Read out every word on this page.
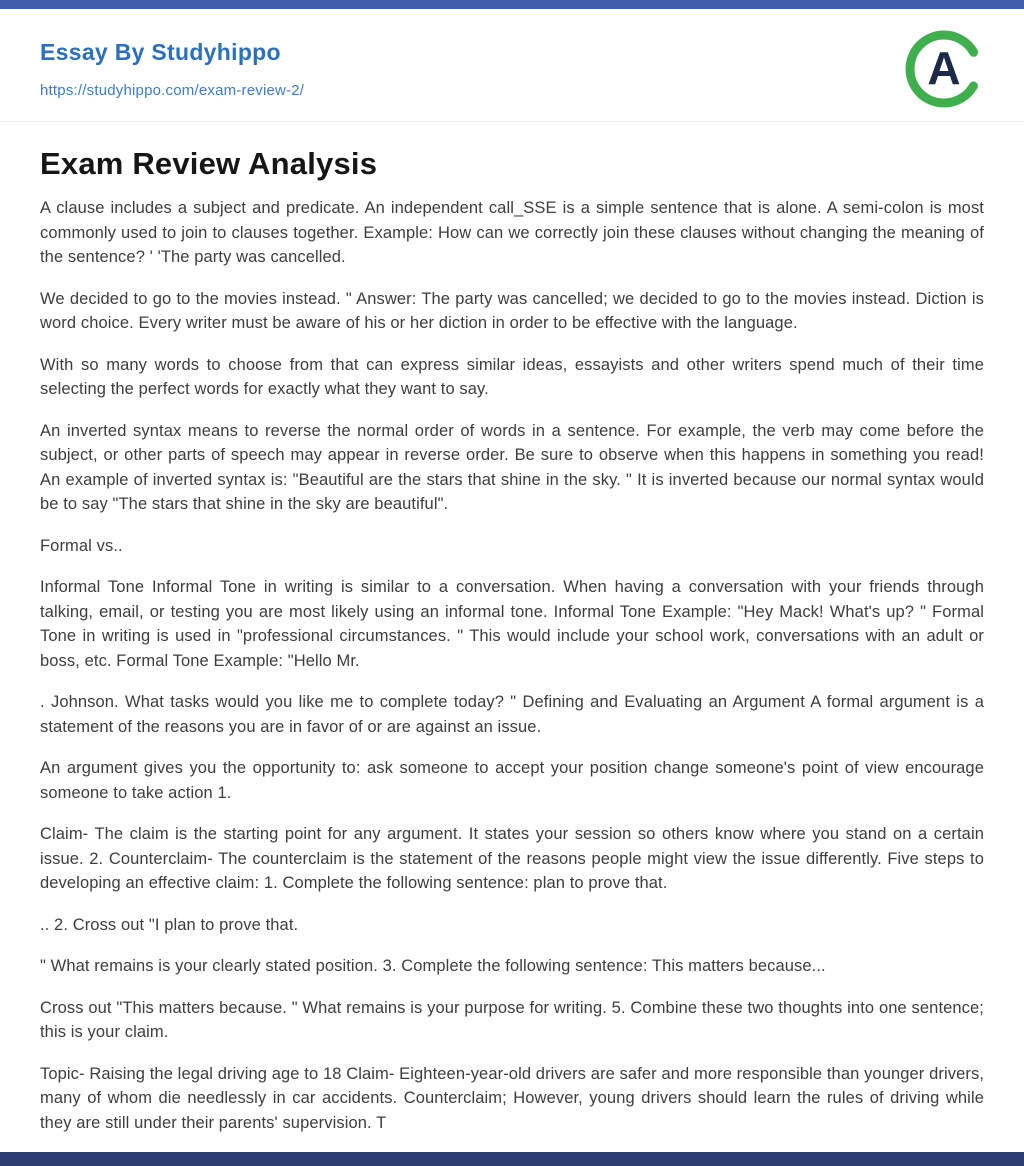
Essay By Studyhippo
https://studyhippo.com/exam-review-2/	A
Exam Review Analysis

A clause includes a subject and predicate. An independent call_SSE is a simple sentence that is alone. A semi-colon is most commonly used to join to clauses together. Example: How can we correctly join these clauses without changing the meaning of the sentence? ' 'The party was cancelled.

We decided to go to the movies instead. " Answer: The party was cancelled; we decided to go to the movies instead. Diction is word choice. Every writer must be aware of his or her diction in order to be effective with the language.

With so many words to choose from that can express similar ideas, essayists and other writers spend much of their time selecting the perfect words for exactly what they want to say.

An inverted syntax means to reverse the normal order of words in a sentence. For example, the verb may come before the subject, or other parts of speech may appear in reverse order. Be sure to observe when this happens in something you read! An example of inverted syntax is: "Beautiful are the stars that shine in the sky. " It is inverted because our normal syntax would be to say "The stars that shine in the sky are beautiful".

Formal vs..

Informal Tone Informal Tone in writing is similar to a conversation. When having a conversation with your friends through talking, email, or testing you are most likely using an informal tone. Informal Tone Example: "Hey Mack! What's up? " Formal Tone in writing is used in "professional circumstances. " This would include your school work, conversations with an adult or boss, etc. Formal Tone Example: "Hello Mr.

. Johnson. What tasks would you like me to complete today? " Defining and Evaluating an Argument A formal argument is a statement of the reasons you are in favor of or are against an issue.

An argument gives you the opportunity to: ask someone to accept your position change someone's point of view encourage someone to take action 1.

Claim- The claim is the starting point for any argument. It states your session so others know where you stand on a certain issue. 2. Counterclaim- The counterclaim is the statement of the reasons people might view the issue differently. Five steps to developing an effective claim: 1. Complete the following sentence: plan to prove that.

.. 2. Cross out "I plan to prove that.

" What remains is your clearly stated position. 3. Complete the following sentence: This matters because...

Cross out "This matters because. " What remains is your purpose for writing. 5. Combine these two thoughts into one sentence; this is your claim.

Topic- Raising the legal driving age to 18 Claim- Eighteen-year-old drivers are safer and more responsible than younger drivers, many of whom die needlessly in car accidents. Counterclaim; However, young drivers should learn the rules of driving while they are still under their parents' supervision. T
